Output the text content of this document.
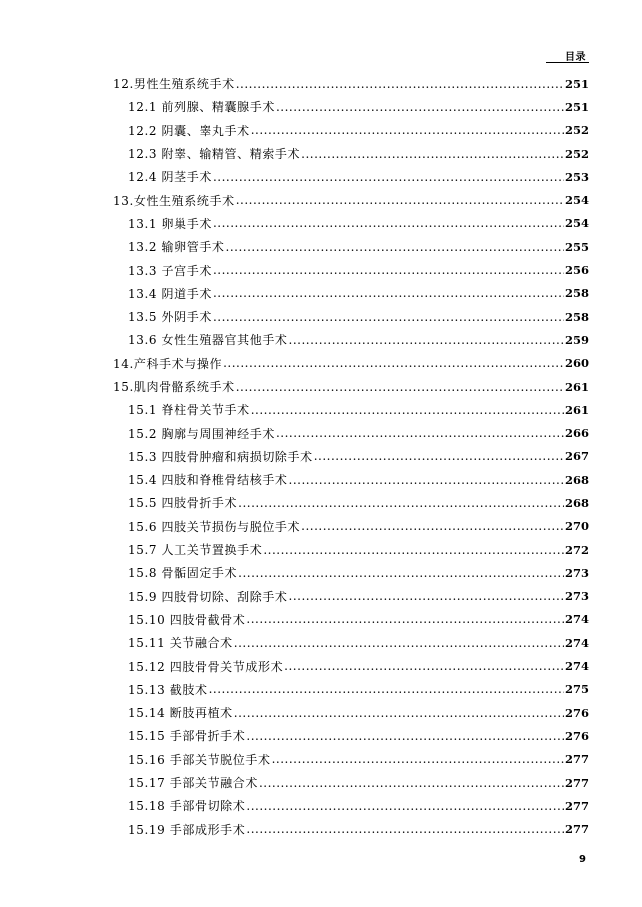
目录
12.男性生殖系统手术 .....	251
12.1 前列腺、精囊腺手术 .....	251
12.2 阴囊、睾丸手术 .....	252
12.3 附睾、输精管、精索手术 .....	252
12.4 阴茎手术 .....	253
13.女性生殖系统手术 .....	254
13.1 卵巢手术 .....	254
13.2 输卵管手术 .....	255
13.3 子宫手术 .....	256
13.4 阴道手术 .....	258
13.5 外阴手术 .....	258
13.6 女性生殖器官其他手术 .....	259
14.产科手术与操作 .....	260
15.肌肉骨骼系统手术 .....	261
15.1 脊柱骨关节手术 .....	261
15.2 胸廓与周围神经手术 .....	266
15.3 四肢骨肿瘤和病损切除手术 .....	267
15.4 四肢和脊椎骨结核手术 .....	268
15.5 四肢骨折手术 .....	268
15.6 四肢关节损伤与脱位手术 .....	270
15.7 人工关节置换手术 .....	272
15.8 骨骺固定手术 .....	273
15.9 四肢骨切除、刮除手术 .....	273
15.10 四肢骨截骨术 .....	274
15.11 关节融合术 .....	274
15.12 四肢骨骨关节成形术 .....	274
15.13 截肢术 .....	275
15.14 断肢再植术 .....	276
15.15 手部骨折手术 .....	276
15.16 手部关节脱位手术 .....	277
15.17 手部关节融合术 .....	277
15.18 手部骨切除术 .....	277
15.19 手部成形手术 .....	277
9
